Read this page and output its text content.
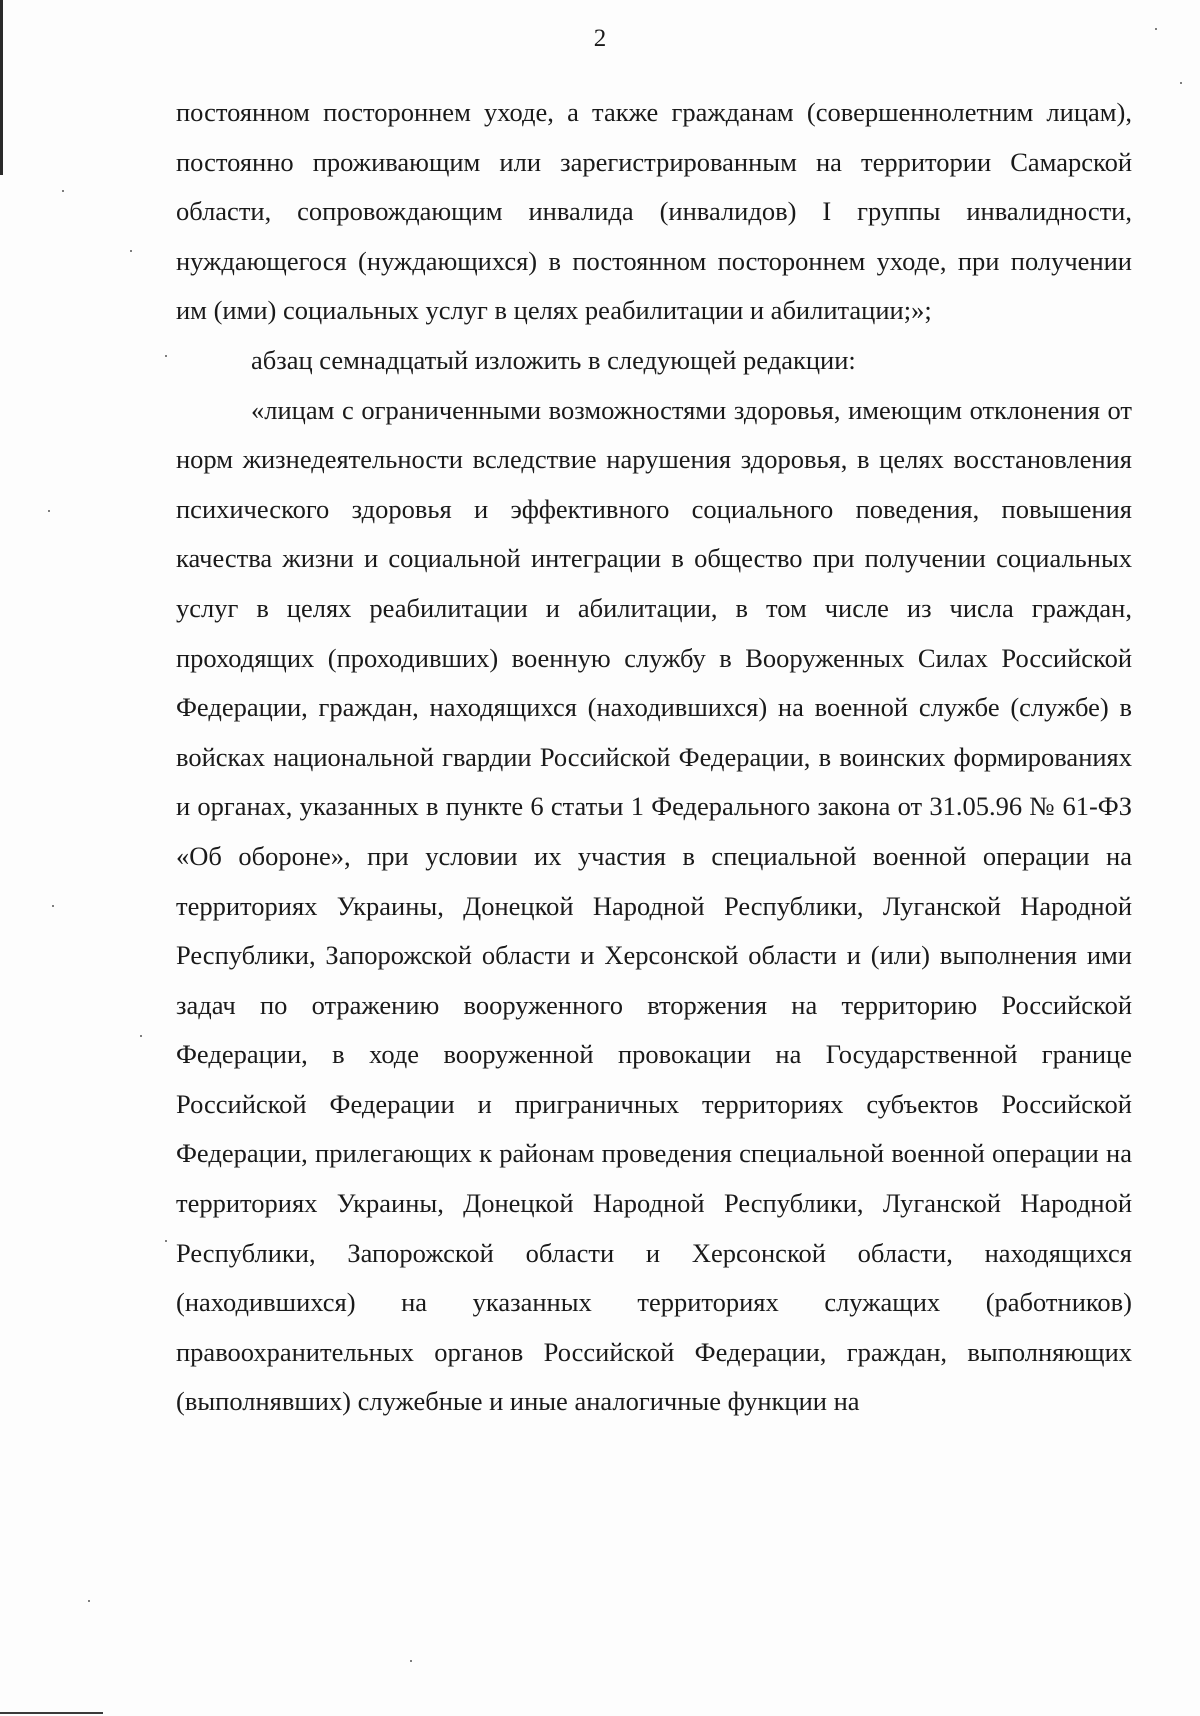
2

постоянном постороннем уходе, а также гражданам (совершеннолетним лицам), постоянно проживающим или зарегистрированным на территории Самарской области, сопровождающим инвалида (инвалидов) I группы инвалидности, нуждающегося (нуждающихся) в постоянном постороннем уходе, при получении им (ими) социальных услуг в целях реабилитации и абилитации;»;

абзац семнадцатый изложить в следующей редакции:

«лицам с ограниченными возможностями здоровья, имеющим отклонения от норм жизнедеятельности вследствие нарушения здоровья, в целях восстановления психического здоровья и эффективного социального поведения, повышения качества жизни и социальной интеграции в общество при получении социальных услуг в целях реабилитации и абилитации, в том числе из числа граждан, проходящих (проходивших) военную службу в Вооруженных Силах Российской Федерации, граждан, находящихся (находившихся) на военной службе (службе) в войсках национальной гвардии Российской Федерации, в воинских формированиях и органах, указанных в пункте 6 статьи 1 Федерального закона от 31.05.96 № 61-ФЗ «Об обороне», при условии их участия в специальной военной операции на территориях Украины, Донецкой Народной Республики, Луганской Народной Республики, Запорожской области и Херсонской области и (или) выполнения ими задач по отражению вооруженного вторжения на территорию Российской Федерации, в ходе вооруженной провокации на Государственной границе Российской Федерации и приграничных территориях субъектов Российской Федерации, прилегающих к районам проведения специальной военной операции на территориях Украины, Донецкой Народной Республики, Луганской Народной Республики, Запорожской области и Херсонской области, находящихся (находившихся) на указанных территориях служащих (работников) правоохранительных органов Российской Федерации, граждан, выполняющих (выполнявших) служебные и иные аналогичные функции на
